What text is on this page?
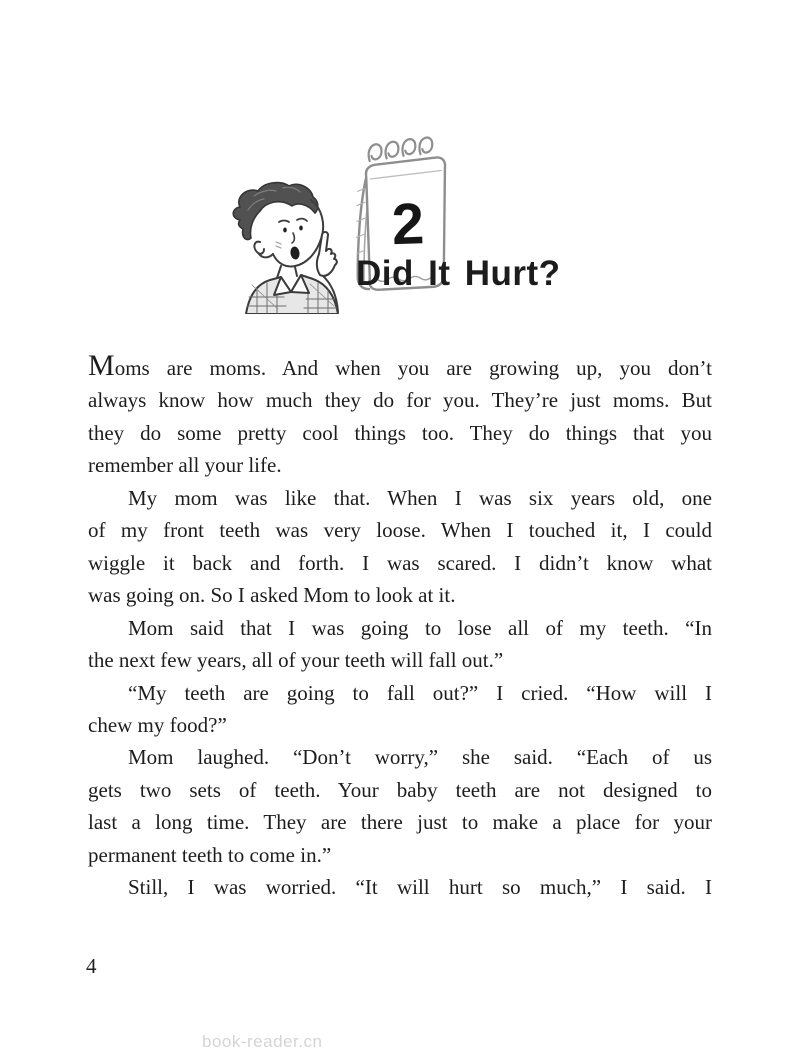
2
Did It Hurt?
Moms are moms. And when you are growing up, you don’t
always know how much they do for you. They’re just moms. But
they do some pretty cool things too. They do things that you
remember all your life.
My mom was like that. When I was six years old, one
of my front teeth was very loose. When I touched it, I could
wiggle it back and forth. I was scared. I didn’t know what
was going on. So I asked Mom to look at it.
Mom said that I was going to lose all of my teeth. “In
the next few years, all of your teeth will fall out.”
“My teeth are going to fall out?” I cried. “How will I
chew my food?”
Mom laughed. “Don’t worry,” she said. “Each of us
gets two sets of teeth. Your baby teeth are not designed to
last a long time. They are there just to make a place for your
permanent teeth to come in.”
Still, I was worried. “It will hurt so much,” I said. I
4
book-reader.cn
